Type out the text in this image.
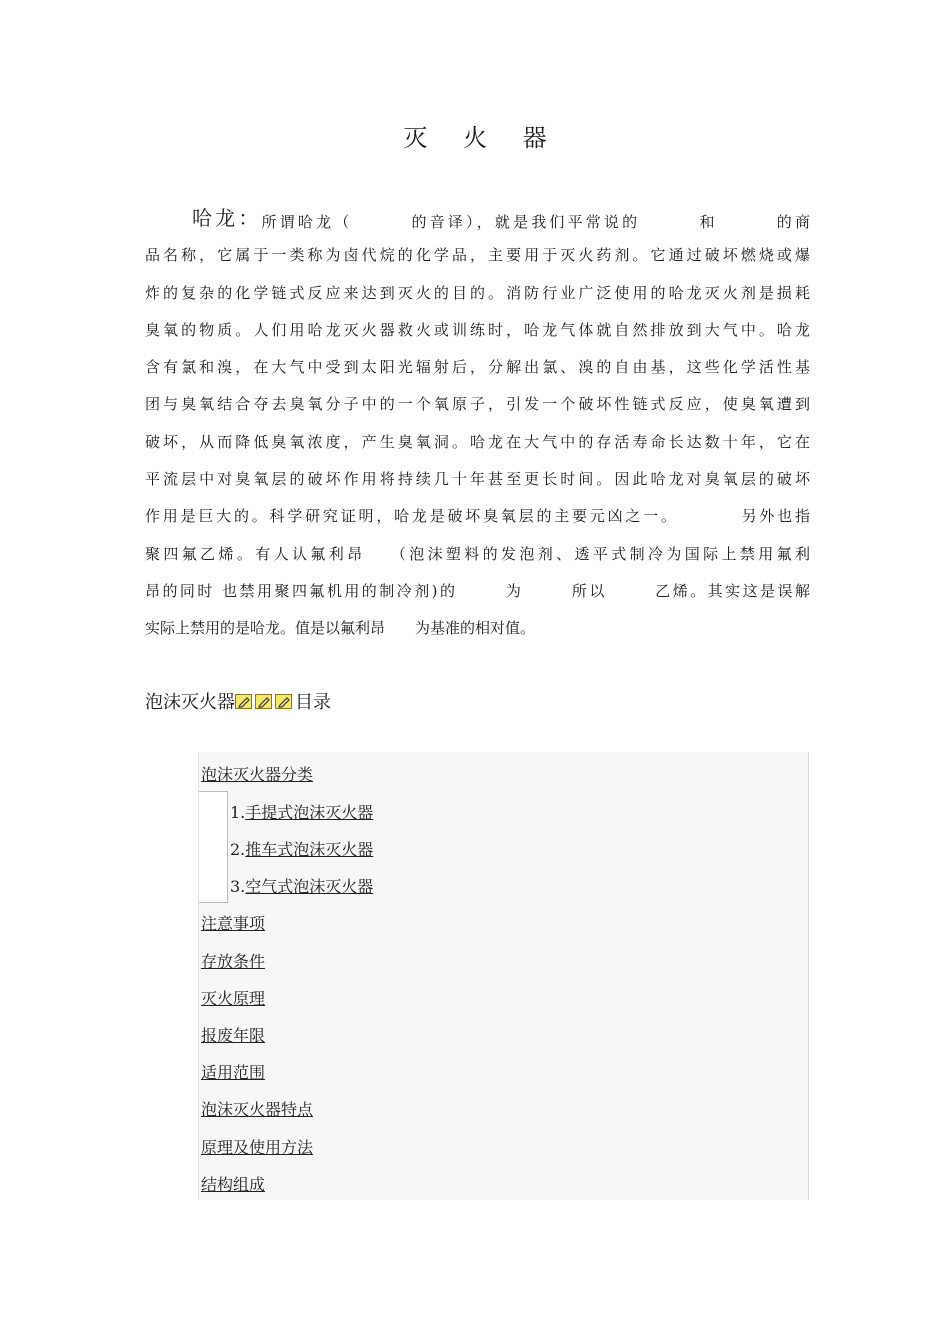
灭 火 器
哈龙：所谓哈龙（	的音译），就是我们平常说的	和	的商
品名称，它属于一类称为卤代烷的化学品，主要用于灭火药剂。它通过破坏燃烧或爆
炸的复杂的化学链式反应来达到灭火的目的。消防行业广泛使用的哈龙灭火剂是损耗
臭氧的物质。人们用哈龙灭火器救火或训练时，哈龙气体就自然排放到大气中。哈龙
含有氯和溴，在大气中受到太阳光辐射后，分解出氯、溴的自由基，这些化学活性基
团与臭氧结合夺去臭氧分子中的一个氧原子，引发一个破坏性链式反应，使臭氧遭到
破坏，从而降低臭氧浓度，产生臭氧洞。哈龙在大气中的存活寿命长达数十年，它在
平流层中对臭氧层的破坏作用将持续几十年甚至更长时间。因此哈龙对臭氧层的破坏
作用是巨大的。科学研究证明，哈龙是破坏臭氧层的主要元凶之一。	另外也指
聚四氟乙烯。有人认氟利昂 （泡沫塑料的发泡剂、透平式制冷为国际上禁用氟利
昂的同时 也禁用聚四氟机用的制冷剂)的	为	所以	乙烯。其实这是误解
实际上禁用的是哈龙。值是以氟利昂 为基准的相对值。
泡沫灭火器	目录
泡沫灭火器分类
1.手提式泡沫灭火器
2.推车式泡沫灭火器
3.空气式泡沫灭火器
注意事项
存放条件
灭火原理
报废年限
适用范围
泡沫灭火器特点
原理及使用方法
结构组成
